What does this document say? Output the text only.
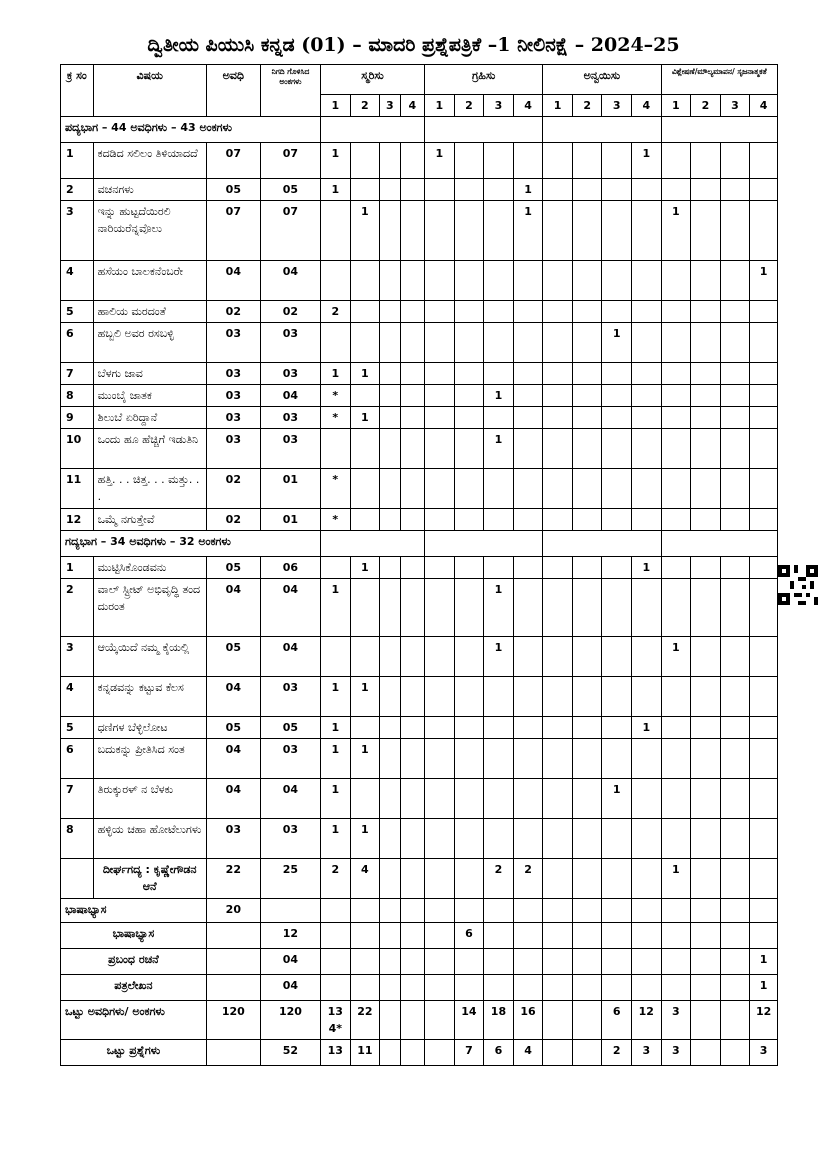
ದ್ವಿತೀಯ ಪಿಯುಸಿ ಕನ್ನಡ (01) – ಮಾದರಿ ಪ್ರಶ್ನೆಪತ್ರಿಕೆ –1 ನೀಲಿನಕ್ಷೆ – 2024–25
ಕ್ರ ಸಂ	ವಿಷಯ	ಅವಧಿ	ನಿಗದಿ ಗೊಳಿಸಿದ ಅಂಕಗಳು	ಸ್ಮರಿಸು				ಗ್ರಹಿಸು				ಅನ್ವಯಿಸು				ವಿಶ್ಲೇಷಣೆ/ಮೌಲ್ಯಮಾಪನ/ ಸೃಜನಾತ್ಮಕತೆ			
				1	2	3	4	1	2	3	4	1	2	3	4	1	2	3	4
ಪದ್ಯಭಾಗ – 44 ಅವಧಿಗಳು – 43 ಅಂಕಗಳು																			
1	ಕದಡಿದ ಸಲಿಲಂ ತಿಳಿಯಾದದೆ	07	07	1				1							1				
2	ವಚನಗಳು	05	05	1							1								
3	ಇನ್ನು ಹುಟ್ಟದೆಯಿರಲಿ ನಾರಿಯರೆನ್ನವೊಲು	07	07		1						1					1			
4	ಹಸೆಯಂ ಬಾಲಕನೆಂಬರೇ	04	04																1
5	ಹಾಲಿಯ ಮರದಂತೆ	02	02	2															
6	ಹಬ್ಬಲಿ ಅವರ ರಸಬಳ್ಳಿ	03	03											1					
7	ಬೆಳಗು ಜಾವ	03	03	1	1														
8	ಮುಂಬೈ ಜಾತಕ	03	04	*						1									
9	ಶಿಲುಬೆ ಏರಿದ್ದಾನೆ	03	03	*	1														
10	ಒಂದು ಹೂ ಹೆಚ್ಚಿಗೆ ಇಡುತಿನಿ	03	03							1									
11	ಹತ್ತಿ. . . ಚಿತ್ತ. . . ಮತ್ತು. . .	02	01	*															
12	ಒಮ್ಮೆ ನಗುತ್ತೇವೆ	02	01	*															
ಗದ್ಯಭಾಗ – 34 ಅವಧಿಗಳು – 32 ಅಂಕಗಳು																			
1	ಮುಟ್ಟಿಸಿಕೊಂಡವನು	05	06		1										1				
2	ವಾಲ್ ಸ್ಟ್ರೀಟ್ ಅಭಿವೃದ್ಧಿ ತಂದ ದುರಂತ	04	04	1						1									
3	ಆಯ್ಕೆಯಿದೆ ನಮ್ಮ ಕೈಯಲ್ಲಿ	05	04							1						1			
4	ಕನ್ನಡವನ್ನು ಕಟ್ಟುವ ಕೆಲಸ	04	03	1	1														
5	ಧಣಿಗಳ ಬೆಳ್ಳಿಲೋಟ	05	05	1											1				
6	ಬದುಕನ್ನು ಪ್ರೀತಿಸಿದ ಸಂತ	04	03	1	1														
7	ತಿರುಕ್ಕುರಳ್ ನ ಬೆಳಕು	04	04	1										1					
8	ಹಳ್ಳಿಯ ಚಹಾ ಹೋಟೆಲುಗಳು	03	03	1	1														
	ದೀರ್ಘಗದ್ಯ : ಕೃಷ್ಣೇಗೌಡನ ಆನೆ	22	25	2	4					2	2					1			
ಭಾಷಾಭ್ಯಾಸ		20																	
ಭಾಷಾಭ್ಯಾಸ			12						6										
ಪ್ರಬಂಧ ರಚನೆ			04																1
ಪತ್ರಲೇಖನ			04																1
ಒಟ್ಟು ಅವಧಿಗಳು/ ಅಂಕಗಳು		120	120	13 4*	22				14	18	16			6	12	3			12
ಒಟ್ಟು ಪ್ರಶ್ನೆಗಳು			52	13	11				7	6	4			2	3	3			3
